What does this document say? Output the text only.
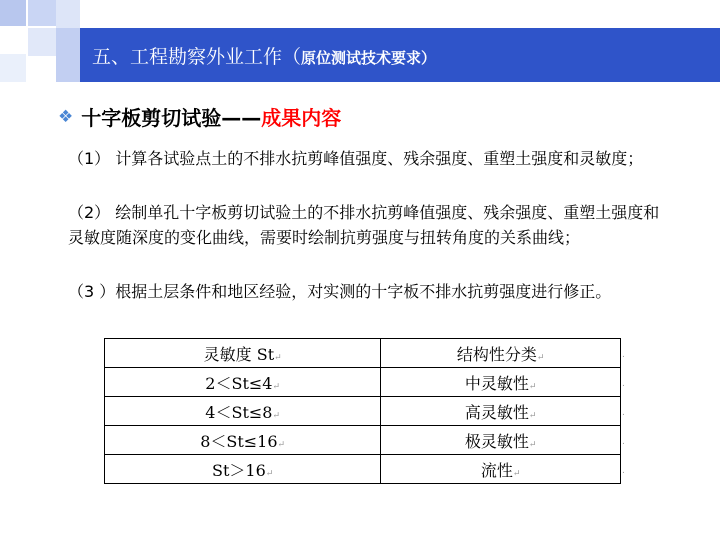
五、工程勘察外业工作（原位测试技术要求）
❖ 十字板剪切试验—— 成果内容
（1） 计算各试验点土的不排水抗剪峰值强度、残余强度、重塑土强度和灵敏度；
（2） 绘制单孔十字板剪切试验土的不排水抗剪峰值强度、残余强度、重塑土强度和灵敏度随深度的变化曲线，需要时绘制抗剪强度与扭转角度的关系曲线；
（3 ）根据土层条件和地区经验，对实测的十字板不排水抗剪强度进行修正。
灵敏度 St↵	结构性分类↵
2＜St≤4↵	中灵敏性↵
4＜St≤8↵	高灵敏性↵
8＜St≤16↵	极灵敏性↵
St＞16↵	流性↵
.
.
.
.
.
